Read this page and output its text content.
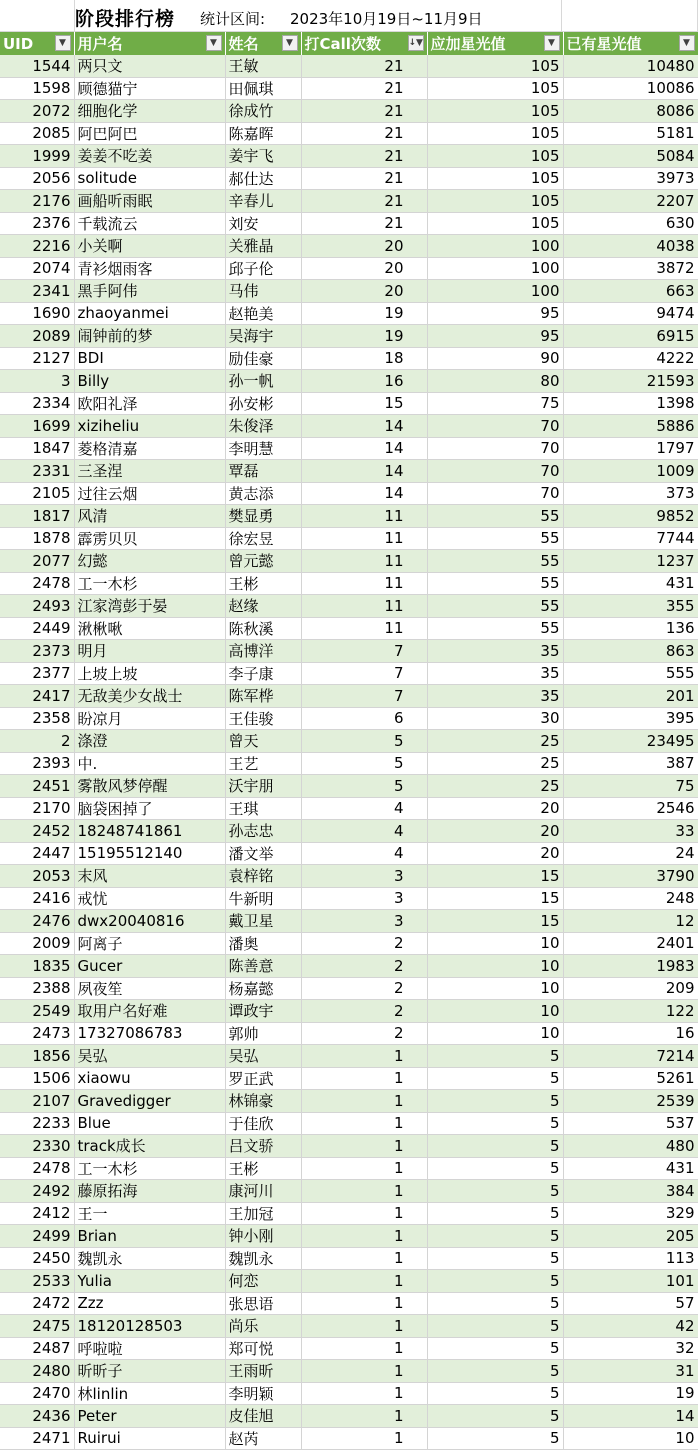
阶段排行榜 统计区间: 2023年10月19日~11月9日
UID ▼	用户名 ▼	姓名 ▼	打Call次数 ↓▼	应加星光值 ▼	已有星光值 ▼

1544	两只文	王敏	21	105	10480
1598	顾德猫宁	田佩琪	21	105	10086
2072	细胞化学	徐成竹	21	105	8086
2085	阿巴阿巴	陈嘉晖	21	105	5181
1999	姜姜不吃姜	姜宇飞	21	105	5084
2056	solitude	郝仕达	21	105	3973
2176	画船听雨眠	辛春儿	21	105	2207
2376	千载流云	刘安	21	105	630
2216	小关啊	关雅晶	20	100	4038
2074	青衫烟雨客	邱子伦	20	100	3872
2341	黑手阿伟	马伟	20	100	663
1690	zhaoyanmei	赵艳美	19	95	9474
2089	闹钟前的梦	吴海宇	19	95	6915
2127	BDI	励佳豪	18	90	4222
3	Billy	孙一帆	16	80	21593
2334	欧阳礼泽	孙安彬	15	75	1398
1699	xiziheliu	朱俊泽	14	70	5886
1847	菱格清嘉	李明慧	14	70	1797
2331	三圣涅	覃磊	14	70	1009
2105	过往云烟	黄志添	14	70	373
1817	风清	樊显勇	11	55	9852
1878	霹雳贝贝	徐宏昱	11	55	7744
2077	幻懿	曾元懿	11	55	1237
2478	工一木杉	王彬	11	55	431
2493	江家湾彭于晏	赵缘	11	55	355
2449	湫楸啾	陈秋溪	11	55	136
2373	明月	高博洋	7	35	863
2377	上坡上坡	李子康	7	35	555
2417	无敌美少女战士	陈军桦	7	35	201
2358	盼凉月	王佳骏	6	30	395
2	涤澄	曾天	5	25	23495
2393	中.	王艺	5	25	387
2451	雾散风梦停醒	沃宇朋	5	25	75
2170	脑袋困掉了	王琪	4	20	2546
2452	18248741861	孙志忠	4	20	33
2447	15195512140	潘文举	4	20	24
2053	末风	袁梓铭	3	15	3790
2416	戒忧	牛新明	3	15	248
2476	dwx20040816	戴卫星	3	15	12
2009	阿离子	潘奥	2	10	2401
1835	Gucer	陈善意	2	10	1983
2388	夙夜笙	杨嘉懿	2	10	209
2549	取用户名好难	谭政宇	2	10	122
2473	17327086783	郭帅	2	10	16
1856	吴弘	吴弘	1	5	7214
1506	xiaowu	罗正武	1	5	5261
2107	Gravedigger	林锦豪	1	5	2539
2233	Blue	于佳欣	1	5	537
2330	track成长	吕文骄	1	5	480
2478	工一木杉	王彬	1	5	431
2492	藤原拓海	康河川	1	5	384
2412	王一	王加冠	1	5	329
2499	Brian	钟小刚	1	5	205
2450	魏凯永	魏凯永	1	5	113
2533	Yulia	何恋	1	5	101
2472	Zzz	张思语	1	5	57
2475	18120128503	尚乐	1	5	42
2487	呼啦啦	郑可悦	1	5	32
2480	昕昕子	王雨昕	1	5	31
2470	林linlin	李明颖	1	5	19
2436	Peter	皮佳旭	1	5	14
2471	Ruirui	赵芮	1	5	10
